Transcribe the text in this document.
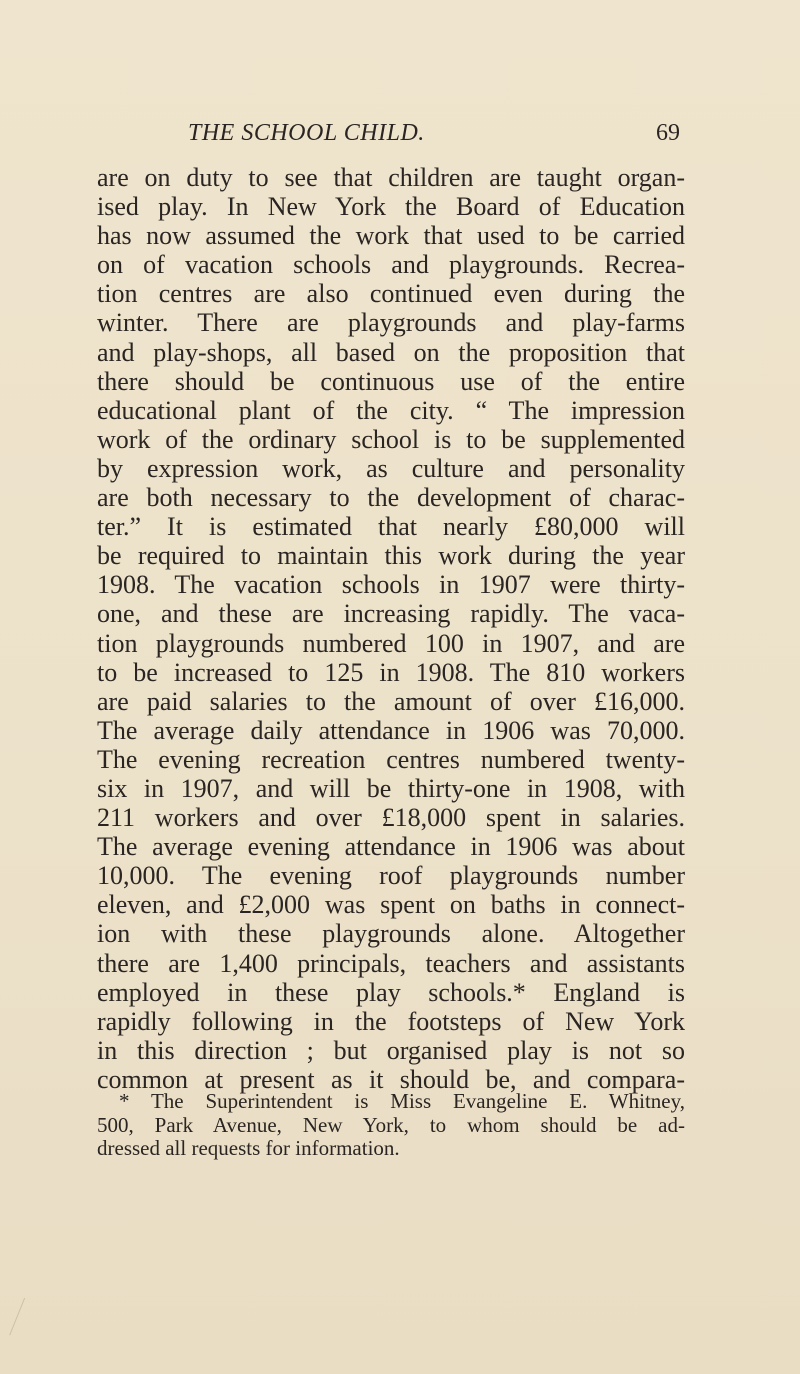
THE SCHOOL CHILD.	69
are on duty to see that children are taught organ-
ised play. In New York the Board of Education
has now assumed the work that used to be carried
on of vacation schools and playgrounds. Recrea-
tion centres are also continued even during the
winter. There are playgrounds and play-farms
and play-shops, all based on the proposition that
there should be continuous use of the entire
educational plant of the city. “ The impression
work of the ordinary school is to be supplemented
by expression work, as culture and personality
are both necessary to the development of charac-
ter.” It is estimated that nearly £80,000 will
be required to maintain this work during the year
1908. The vacation schools in 1907 were thirty-
one, and these are increasing rapidly. The vaca-
tion playgrounds numbered 100 in 1907, and are
to be increased to 125 in 1908. The 810 workers
are paid salaries to the amount of over £16,000.
The average daily attendance in 1906 was 70,000.
The evening recreation centres numbered twenty-
six in 1907, and will be thirty-one in 1908, with
211 workers and over £18,000 spent in salaries.
The average evening attendance in 1906 was about
10,000. The evening roof playgrounds number
eleven, and £2,000 was spent on baths in connect-
ion with these playgrounds alone. Altogether
there are 1,400 principals, teachers and assistants
employed in these play schools.* England is
rapidly following in the footsteps of New York
in this direction ; but organised play is not so
common at present as it should be, and compara-
* The Superintendent is Miss Evangeline E. Whitney,
500, Park Avenue, New York, to whom should be ad-
dressed all requests for information.
